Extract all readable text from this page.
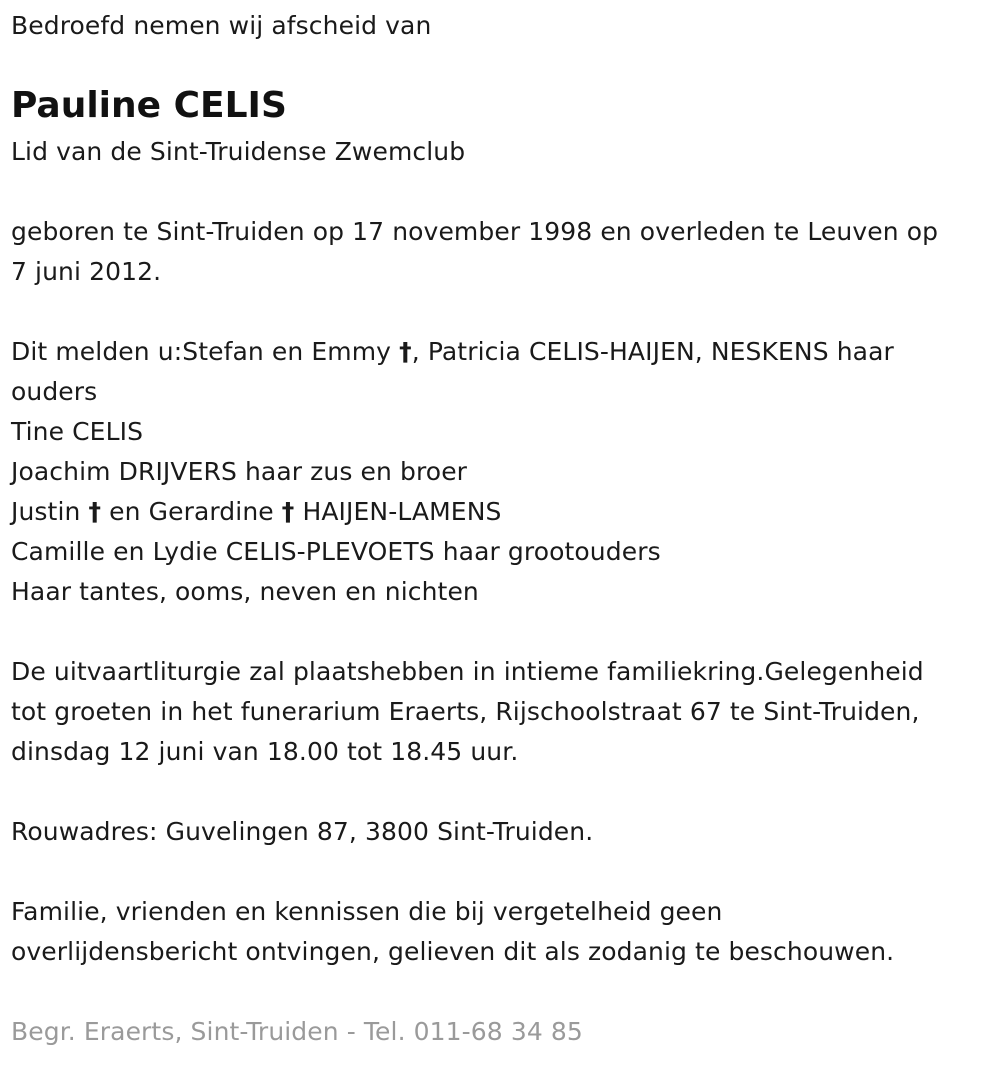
Bedroefd nemen wij afscheid van
Pauline CELIS
Lid van de Sint-Truidense Zwemclub
geboren te Sint-Truiden op 17 november 1998 en overleden te Leuven op
7 juni 2012.
Dit melden u:Stefan en Emmy †, Patricia CELIS-HAIJEN, NESKENS haar
ouders
Tine CELIS
Joachim DRIJVERS haar zus en broer
Justin † en Gerardine † HAIJEN-LAMENS
Camille en Lydie CELIS-PLEVOETS haar grootouders
Haar tantes, ooms, neven en nichten
De uitvaartliturgie zal plaatshebben in intieme familiekring.Gelegenheid
tot groeten in het funerarium Eraerts, Rijschoolstraat 67 te Sint-Truiden,
dinsdag 12 juni van 18.00 tot 18.45 uur.
Rouwadres: Guvelingen 87, 3800 Sint-Truiden.
Familie, vrienden en kennissen die bij vergetelheid geen
overlijdensbericht ontvingen, gelieven dit als zodanig te beschouwen.
Begr. Eraerts, Sint-Truiden - Tel. 011-68 34 85
